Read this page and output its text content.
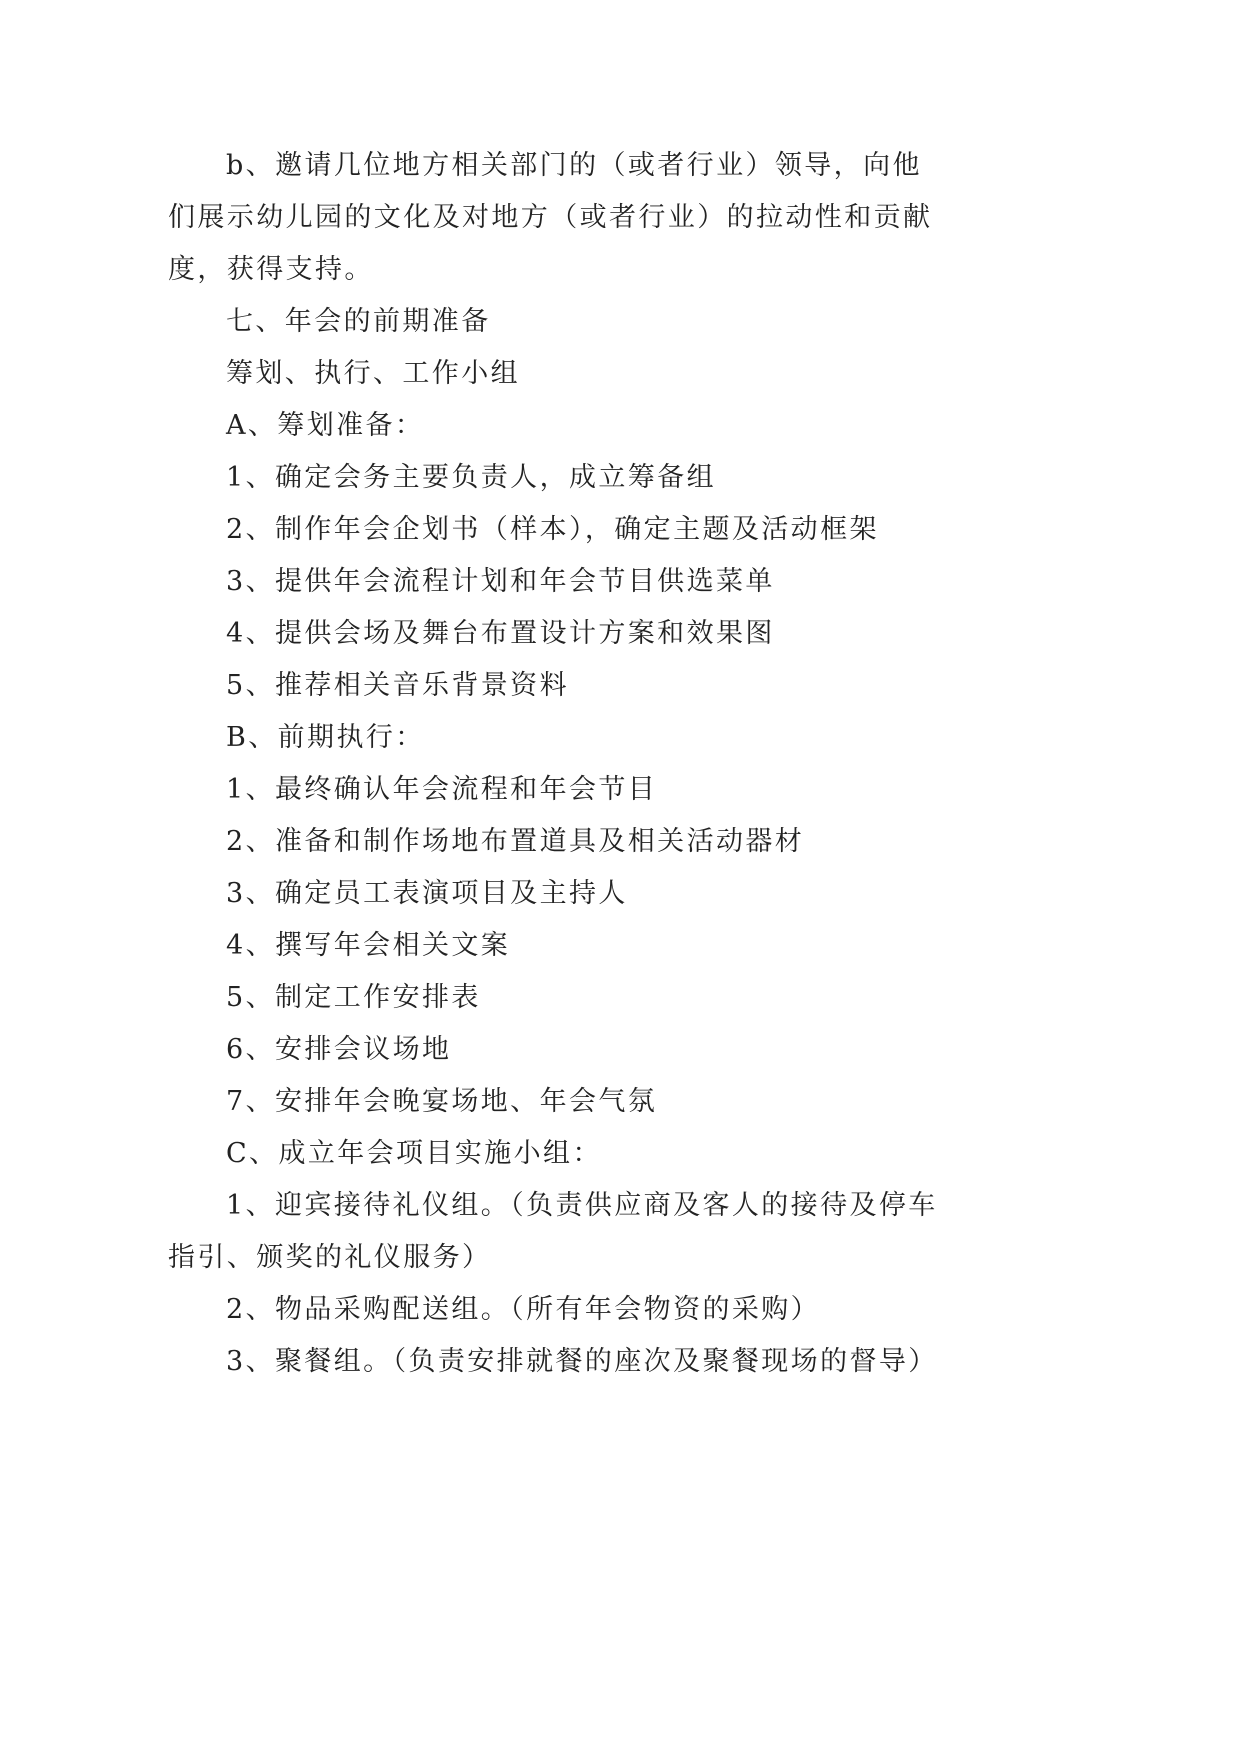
b、邀请几位地方相关部门的（或者行业）领导，向他们展示幼儿园的文化及对地方（或者行业）的拉动性和贡献度，获得支持。

七、年会的前期准备

筹划、执行、工作小组

A、筹划准备：

1、确定会务主要负责人，成立筹备组

2、制作年会企划书（样本），确定主题及活动框架

3、提供年会流程计划和年会节目供选菜单

4、提供会场及舞台布置设计方案和效果图

5、推荐相关音乐背景资料

B、前期执行：

1、最终确认年会流程和年会节目

2、准备和制作场地布置道具及相关活动器材

3、确定员工表演项目及主持人

4、撰写年会相关文案

5、制定工作安排表

6、安排会议场地

7、安排年会晚宴场地、年会气氛

C、成立年会项目实施小组：

1、迎宾接待礼仪组。（负责供应商及客人的接待及停车指引、颁奖的礼仪服务）

2、物品采购配送组。（所有年会物资的采购）

3、聚餐组。（负责安排就餐的座次及聚餐现场的督导）
